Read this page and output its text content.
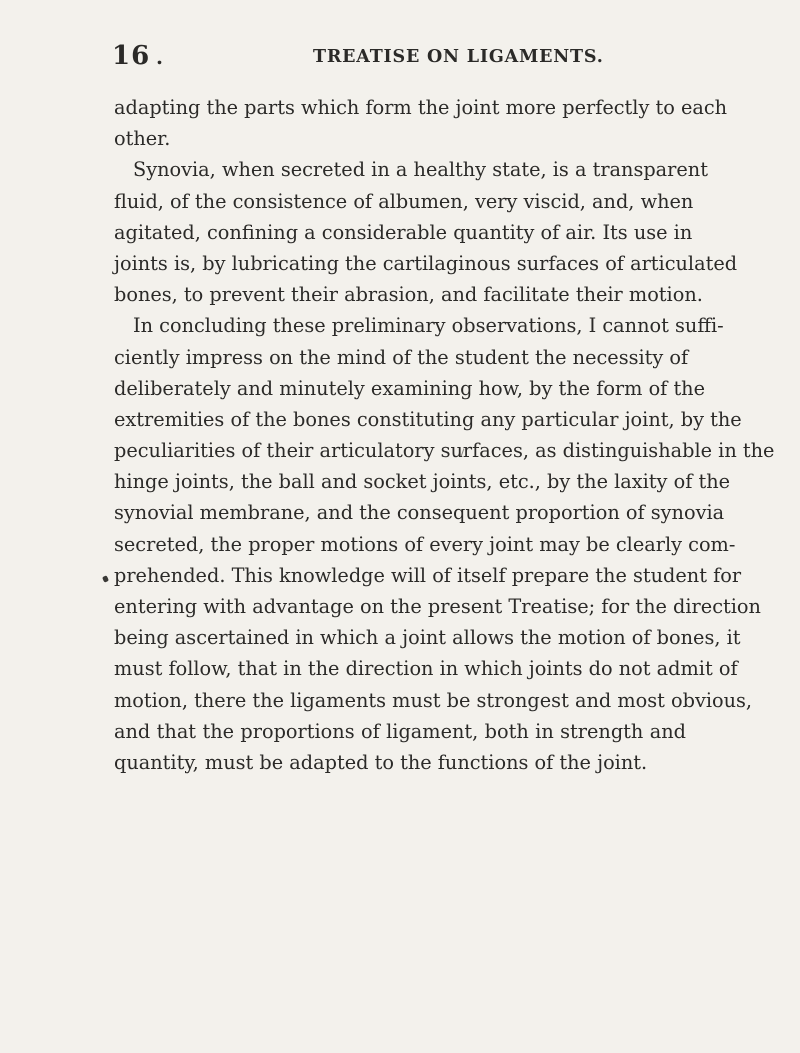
16 .	TREATISE ON LIGAMENTS.
adapting the parts which form the joint more perfectly to each
other.
Synovia, when secreted in a healthy state, is a transparent
fluid, of the consistence of albumen, very viscid, and, when
agitated, confining a considerable quantity of air. Its use in
joints is, by lubricating the cartilaginous surfaces of articulated
bones, to prevent their abrasion, and facilitate their motion.
In concluding these preliminary observations, I cannot suffi-
ciently impress on the mind of the student the necessity of
deliberately and minutely examining how, by the form of the
extremities of the bones constituting any particular joint, by the
peculiarities of their articulatory surfaces, as distinguishable in the
hinge joints, the ball and socket joints, etc., by the laxity of the
synovial membrane, and the consequent proportion of synovia
secreted, the proper motions of every joint may be clearly com-
prehended. This knowledge will of itself prepare the student for
entering with advantage on the present Treatise; for the direction
being ascertained in which a joint allows the motion of bones, it
must follow, that in the direction in which joints do not admit of
motion, there the ligaments must be strongest and most obvious,
and that the proportions of ligament, both in strength and
quantity, must be adapted to the functions of the joint.
